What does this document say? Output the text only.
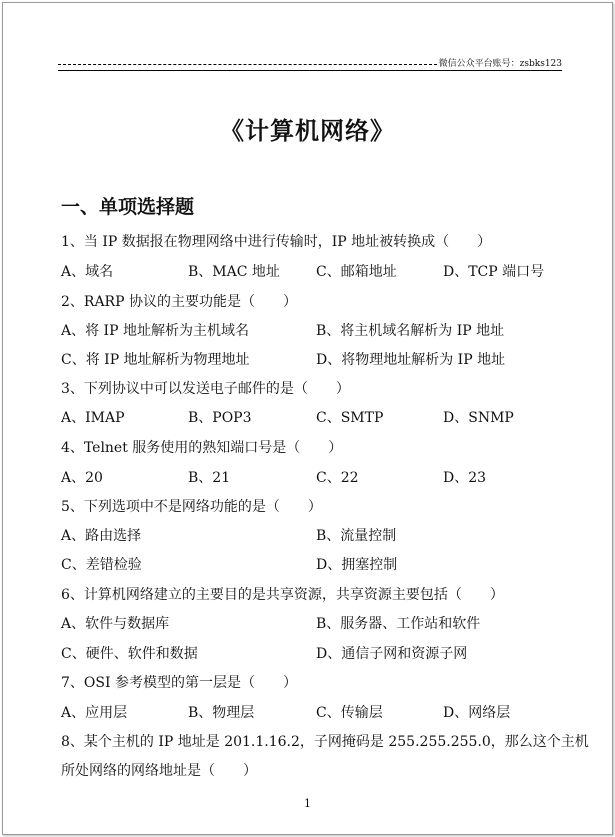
微信公众平台账号：zsbks123
《计算机网络》
一、单项选择题
1、当 IP 数据报在物理网络中进行传输时，IP 地址被转换成（　　）
A、域名	B、MAC 地址	C、邮箱地址	D、TCP 端口号
2、RARP 协议的主要功能是（　　）
A、将 IP 地址解析为主机域名	B、将主机域名解析为 IP 地址
C、将 IP 地址解析为物理地址	D、将物理地址解析为 IP 地址
3、下列协议中可以发送电子邮件的是（　　）
A、IMAP	B、POP3	C、SMTP	D、SNMP
4、Telnet 服务使用的熟知端口号是（　　）
A、20	B、21	C、22	D、23
5、下列选项中不是网络功能的是（　　）
A、路由选择	B、流量控制
C、差错检验	D、拥塞控制
6、计算机网络建立的主要目的是共享资源，共享资源主要包括（　　）
A、软件与数据库	B、服务器、工作站和软件
C、硬件、软件和数据	D、通信子网和资源子网
7、OSI 参考模型的第一层是（　　）
A、应用层	B、物理层	C、传输层	D、网络层
8、某个主机的 IP 地址是 201.1.16.2，子网掩码是 255.255.255.0，那么这个主机
所处网络的网络地址是（　　）
1
